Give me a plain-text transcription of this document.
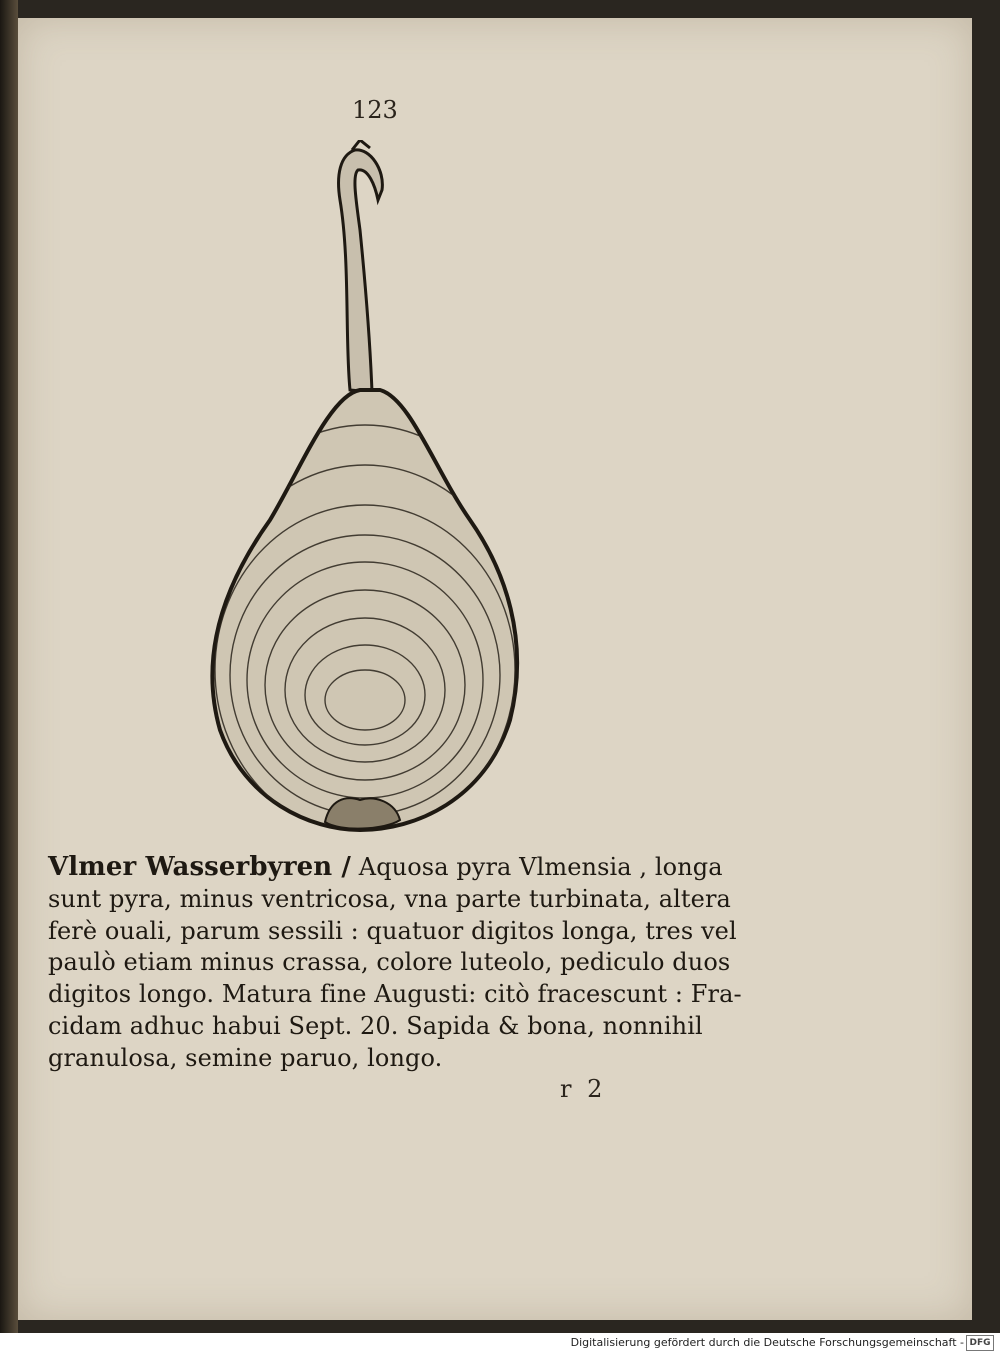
123
Vlmer Wasserbyren / Aquosa pyra Vlmensia , longa
sunt pyra, minus ventricosa, vna parte turbinata, altera
ferè ouali, parum sessili : quatuor digitos longa, tres vel
paulò etiam minus crassa, colore luteolo, pediculo duos
digitos longo. Matura fine Augusti: citò fracescunt : Fra-
cidam adhuc habui Sept. 20. Sapida & bona, nonnihil
granulosa, semine paruo, longo.
r 2
Digitalisierung gefördert durch die Deutsche Forschungsgemeinschaft - DFG
